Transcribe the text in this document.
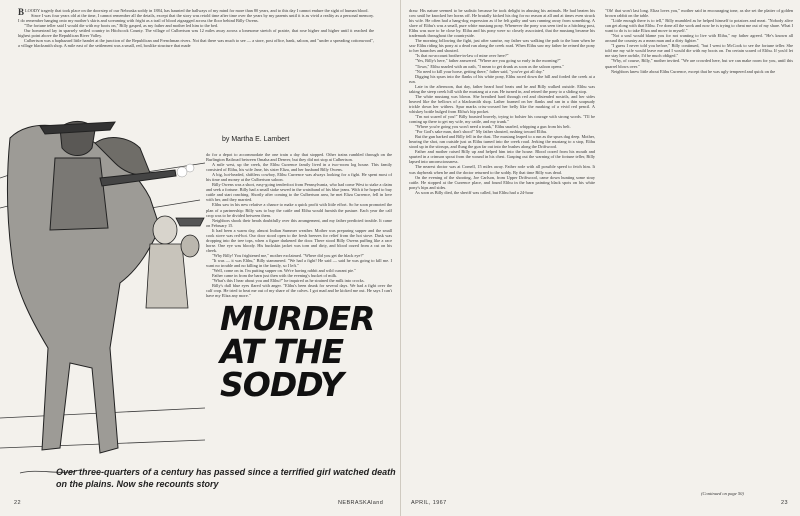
BLOODY tragedy that took place on the doorstep of our Nebraska soddy in 1884, has haunted the hallways of my mind for more than 80 years, and to this day I cannot endure the sight of human blood.

Since I was four years old at the time, I cannot remember all the details, except that the story was retold time after time over the years by my parents until it is as vivid a reality as a personal memory. I do remember hanging onto my mother's skirts and screaming with fright as a trail of blood zigzagged across the floor behind Billy Owens.

"The fortune teller said I would die with my boots on," Billy gasped, as my father and mother led him to the bed.

Our homestead lay in sparsely settled country in Hitchcock County. The village of Culbertson was 12 miles away across a lonesome stretch of prairie, that rose higher and higher until it reached the highest point above the Republican River Valley.

Culbertson was a haphazard little hamlet at the junction of the Republican and Frenchman rivers. Not that there was much to see — a store, post office, bank, saloon, and "under a spreading cottonwood", a village blacksmith shop. A mile east of the settlement was a small, red, boxlike structure that made

by Martha E. Lambert

do for a depot to accommodate the one train a day that stopped. Other trains rumbled through on the Burlington Railroad between Omaha and Denver, but they did not stop at Culbertson.

A mile west, up the creek, the Elihu Currence family lived in a two-room log house. This family consisted of Elihu, his wife Jane, his sister Eliza, and her husband Billy Owens.

A big, hot-headed, shiftless cowboy, Elihu Currence was always looking for a fight. He spent most of his time and money at the Culbertson saloon.

Billy Owens was a short, easy-going tenderfoot from Pennsylvania, who had come West to stake a claim and seek a fortune. Billy had a small stake sewed in the waistband of his blue jeans. With it he hoped to buy cattle and start ranching. Shortly after coming to the Culbertson area, he met Eliza Currence, fell in love with her, and they married.

Elihu saw in his new relative a chance to make a quick profit with little effort. So he soon promoted the plan of a partnership: Billy was to buy the cattle and Elihu would furnish the pasture. Each year the calf crop was to be divided between them.

Neighbors shook their heads doubtfully over this arrangement, and my father predicted trouble. It came on February 15.

It had been a warm day, almost Indian Summer weather. Mother was preparing supper and the small cook stove was red-hot. Our door stood open to the fresh breezes for relief from the hot stove. Dusk was dropping into the tree tops, when a figure darkened the door. There stood Billy Owens puffing like a race horse. One eye was bloody. His buckskin jacket was torn and dirty, and blood oozed from a cut on his cheek.

"Why Billy! You frightened me," mother exclaimed. "Where did you get the black eye?"

"It was — it was Elihu," Billy stammered. "We had a fight! He said — said he was going to kill me. I want no trouble and no killing in the family, so I left."

"Well, come on in. I'm putting supper on. We're having rabbit and wild currant pie."

Father came in from the barn just then with the evening's bucket of milk.

"What's this I hear about you and Elihu?" he inquired as he strained the milk into crocks.

Billy's dull blue eyes flared with anger. "Elihu's been drunk for several days. We had a fight over the calf crop. He tried to beat me out of my share of the calves. I got mad and he kicked me out. He says I can't have my Eliza any more."

MURDER
AT THE
SODDY
Over three-quarters of a century has passed since a terrified girl watched death on the plains. Now she recounts story
22	NEBRASKAland

draw. His nature seemed to be sadistic because he took delight in abusing his animals. He had beaten his cow until he knocked her horns off. He brutally kicked his dog for no reason at all and at times even struck his wife. He often had a hang-dog expression as if he felt guilty and was running away from something. A slave of Elihu's was a small, pure white mustang pony. Whenever the pony was seen tied to a hitching post, Elihu was sure to be close by. Elihu and his pony were so closely associated, that the mustang became his trademark throughout the countryside.

The morning following the fight, just after sunrise, my father was walking the path to the barn when he saw Elihu riding his pony at a dead run along the creek road. When Elihu saw my father he reined the pony to her haunches and shouted.

"Is that no-account brother-in-law of mine over here?"

"Yes, Billy's here," father answered. "Where are you going so early in the morning?"

"Town," Elihu snarled with an oath, "I mean to get drunk as soon as the saloon opens."

"No need to kill your horse, getting there," father said, "you've got all day."

Digging his spurs into the flanks of his white pony, Elihu raced down the hill and forded the creek at a run.

Late in the afternoon, that day, father heard hoof beats and he and Billy walked outside. Elihu was taking the steep creek hill with the mustang at a run. He turned in, and reined the pony to a sliding stop.

The white mustang was blown. She breathed hard through red and distended nostrils, and her sides heaved like the bellows of a blacksmith shop. Lather foamed on her flanks and ran in a thin soapsudy trickle down her withers. Spur marks criss-crossed her belly like the marking of a vivid red pencil. A whiskey bottle bulged from Elihu's hip pocket.

"I'm not scared of you!" Billy boasted bravely, trying to bolster his courage with strong words. "I'll be coming up there to get my wife, my cattle, and my trunk."

"Where you're going you won't need a trunk," Elihu snarled, whipping a gun from his belt.

"For God's sake man, don't shoot!" My father shouted, rushing toward Elihu.

But the gun barked and Billy fell in the dust. The mustang leaped to a run as the spurs dug deep. Mother, hearing the shot, ran outside just as Elihu turned into the creek road. Jerking the mustang to a stop, Elihu stood up in the stirrups, and flung the gun far out into the bushes along the Driftwood.

Father and mother raised Billy up and helped him into the house. Blood oozed from his mouth and spurted in a crimson spout from the wound in his chest. Gasping out the warning of the fortune teller, Billy lapsed into unconsciousness.

The nearest doctor was at Cornell, 15 miles away. Father rode with all possible speed to fetch him. It was daybreak when he and the doctor returned to the soddy. By that time Billy was dead.

On the evening of the shooting, Joe Carlson, from Upper Driftwood, came down hunting some stray cattle. He stopped at the Currence place, and found Elihu in the barn painting black spots on his white pony's hips and sides.

As soon as Billy died, the sheriff was called, but Elihu had a 24-hour

"Oh! that won't last long. Eliza loves you," mother said in encouraging tone, as she set the platter of golden brown rabbit on the table.

"Little enough there is to tell," Billy mumbled as he helped himself to potatoes and meat. "Nobody alive can get along with that Elihu. I've done all the work and now he is trying to cheat me out of my share. What I want to do is to take Eliza and move to myself."

"Not a soul would blame you for not wanting to live with Elihu," my father agreed. "He's known all around the country as a mean man and a dirty fighter."

"I guess I never told you before," Billy continued, "but I went to McCook to see the fortune teller. She told me my wife would leave me and I would die with my boots on. I'm certain scared of Elihu. If you'd let me stay here awhile, I'd be much obliged."

"Why, of course, Billy," mother invited. "We are crowded here, but we can make room for you, until this quarrel blows over."

Neighbors knew little about Elihu Currence, except that he was ugly tempered and quick on the

(Continued on page 50)
APRIL, 1967	23
